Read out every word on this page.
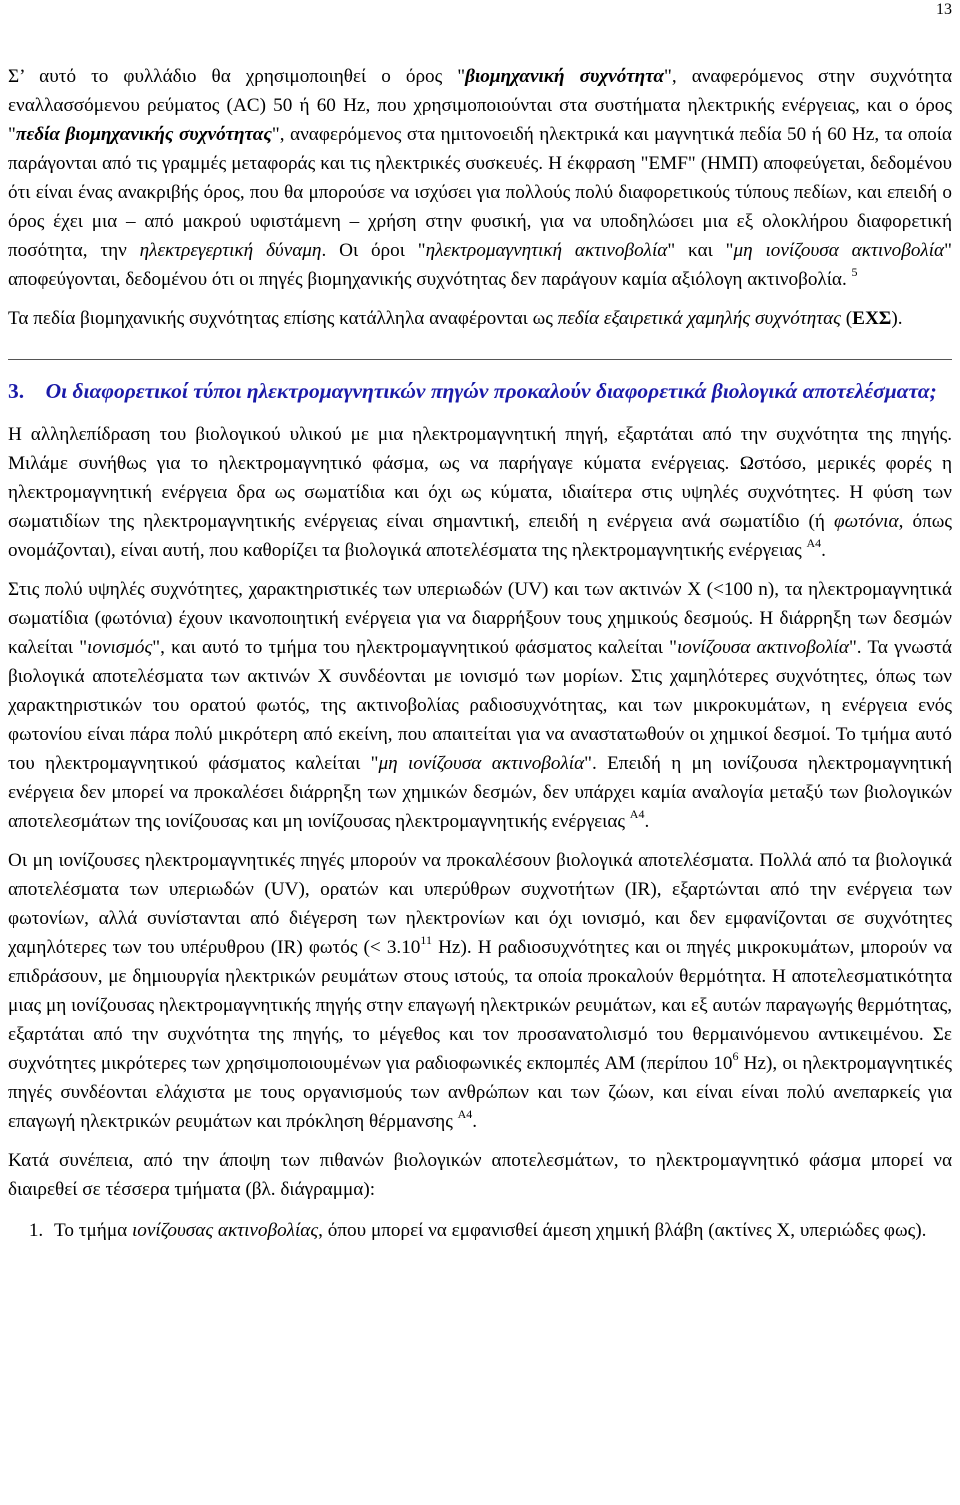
13

Σ’ αυτό το φυλλάδιο θα χρησιμοποιηθεί ο όρος "βιομηχανική συχνότητα", αναφερόμενος στην συχνότητα εναλλασσόμενου ρεύματος (AC) 50 ή 60 Hz, που χρησιμοποιούνται στα συστήματα ηλεκτρικής ενέργειας, και ο όρος "πεδία βιομηχανικής συχνότητας", αναφερόμενος στα ημιτονοειδή ηλεκτρικά και μαγνητικά πεδία 50 ή 60 Hz, τα οποία παράγονται από τις γραμμές μεταφοράς και τις ηλεκτρικές συσκευές. Η έκφραση "EMF" (ΗΜΠ) αποφεύγεται, δεδομένου ότι είναι ένας ανακριβής όρος, που θα μπορούσε να ισχύσει για πολλούς πολύ διαφορετικούς τύπους πεδίων, και επειδή ο όρος έχει μια – από μακρού υφιστάμενη – χρήση στην φυσική, για να υποδηλώσει μια εξ ολοκλήρου διαφορετική ποσότητα, την ηλεκτρεγερτική δύναμη. Οι όροι "ηλεκτρομαγνητική ακτινοβολία" και "μη ιονίζουσα ακτινοβολία" αποφεύγονται, δεδομένου ότι οι πηγές βιομηχανικής συχνότητας δεν παράγουν καμία αξιόλογη ακτινοβολία. $^5$

Τα πεδία βιομηχανικής συχνότητας επίσης κατάλληλα αναφέρονται ως πεδία εξαιρετικά χαμηλής συχνότητας (ΕΧΣ).

3. Οι διαφορετικοί τύποι ηλεκτρομαγνητικών πηγών προκαλούν διαφορετικά βιολογικά αποτελέσματα;

Η αλληλεπίδραση του βιολογικού υλικού με μια ηλεκτρομαγνητική πηγή, εξαρτάται από την συχνότητα της πηγής. Μιλάμε συνήθως για το ηλεκτρομαγνητικό φάσμα, ως να παρήγαγε κύματα ενέργειας. Ωστόσο, μερικές φορές η ηλεκτρομαγνητική ενέργεια δρα ως σωματίδια και όχι ως κύματα, ιδιαίτερα στις υψηλές συχνότητες. Η φύση των σωματιδίων της ηλεκτρομαγνητικής ενέργειας είναι σημαντική, επειδή η ενέργεια ανά σωματίδιο (ή φωτόνια, όπως ονομάζονται), είναι αυτή, που καθορίζει τα βιολογικά αποτελέσματα της ηλεκτρομαγνητικής ενέργειας $^{A4}$.

Στις πολύ υψηλές συχνότητες, χαρακτηριστικές των υπεριωδών (UV) και των ακτινών X (<100 n), τα ηλεκτρομαγνητικά σωματίδια (φωτόνια) έχουν ικανοποιητική ενέργεια για να διαρρήξουν τους χημικούς δεσμούς. Η διάρρηξη των δεσμών καλείται "ιονισμός", και αυτό το τμήμα του ηλεκτρομαγνητικού φάσματος καλείται "ιονίζουσα ακτινοβολία". Τα γνωστά βιολογικά αποτελέσματα των ακτινών X συνδέονται με ιονισμό των μορίων. Στις χαμηλότερες συχνότητες, όπως των χαρακτηριστικών του ορατού φωτός, της ακτινοβολίας ραδιοσυχνότητας, και των μικροκυμάτων, η ενέργεια ενός φωτονίου είναι πάρα πολύ μικρότερη από εκείνη, που απαιτείται για να αναστατωθούν οι χημικοί δεσμοί. Το τμήμα αυτό του ηλεκτρομαγνητικού φάσματος καλείται "μη ιονίζουσα ακτινοβολία". Επειδή η μη ιονίζουσα ηλεκτρομαγνητική ενέργεια δεν μπορεί να προκαλέσει διάρρηξη των χημικών δεσμών, δεν υπάρχει καμία αναλογία μεταξύ των βιολογικών αποτελεσμάτων της ιονίζουσας και μη ιονίζουσας ηλεκτρομαγνητικής ενέργειας $^{A4}$.

Οι μη ιονίζουσες ηλεκτρομαγνητικές πηγές μπορούν να προκαλέσουν βιολογικά αποτελέσματα. Πολλά από τα βιολογικά αποτελέσματα των υπεριωδών (UV), ορατών και υπερύθρων συχνοτήτων (IR), εξαρτώνται από την ενέργεια των φωτονίων, αλλά συνίστανται από διέγερση των ηλεκτρονίων και όχι ιονισμό, και δεν εμφανίζονται σε συχνότητες χαμηλότερες των του υπέρυθρου (IR) φωτός (< $3.10^{11}$ Hz). Η ραδιοσυχνότητες και οι πηγές μικροκυμάτων, μπορούν να επιδράσουν, με δημιουργία ηλεκτρικών ρευμάτων στους ιστούς, τα οποία προκαλούν θερμότητα. Η αποτελεσματικότητα μιας μη ιονίζουσας ηλεκτρομαγνητικής πηγής στην επαγωγή ηλεκτρικών ρευμάτων, και εξ αυτών παραγωγής θερμότητας, εξαρτάται από την συχνότητα της πηγής, το μέγεθος και τον προσανατολισμό του θερμαινόμενου αντικειμένου. Σε συχνότητες μικρότερες των χρησιμοποιουμένων για ραδιοφωνικές εκπομπές AM (περίπου $10^6$ Hz), οι ηλεκτρομαγνητικές πηγές συνδέονται ελάχιστα με τους οργανισμούς των ανθρώπων και των ζώων, και είναι είναι πολύ ανεπαρκείς για επαγωγή ηλεκτρικών ρευμάτων και πρόκληση θέρμανσης $^{A4}$.

Κατά συνέπεια, από την άποψη των πιθανών βιολογικών αποτελεσμάτων, το ηλεκτρομαγνητικό φάσμα μπορεί να διαιρεθεί σε τέσσερα τμήματα (βλ. διάγραμμα):

1. Το τμήμα ιονίζουσας ακτινοβολίας, όπου μπορεί να εμφανισθεί άμεση χημική βλάβη (ακτίνες X, υπεριώδες φως).
